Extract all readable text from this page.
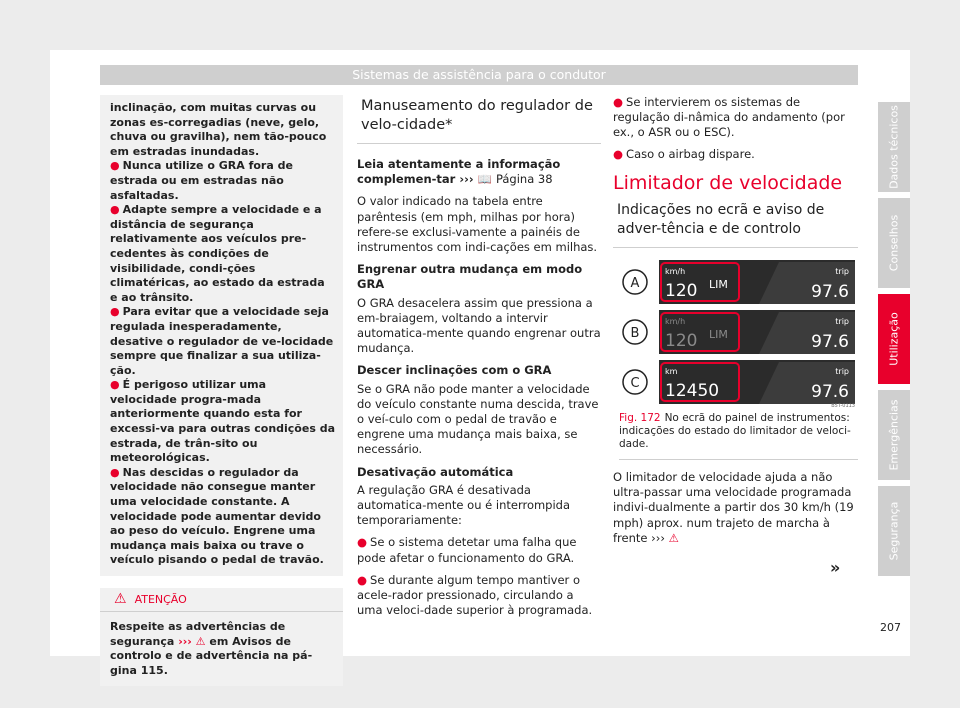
Sistemas de assistência para o condutor

inclinação, com muitas curvas ou zonas es-corregadias (neve, gelo, chuva ou gravilha), nem tão-pouco em estradas inundadas.

● Nunca utilize o GRA fora de estrada ou em estradas não asfaltadas.

● Adapte sempre a velocidade e a distância de segurança relativamente aos veículos pre-cedentes às condições de visibilidade, condi-ções climatéricas, ao estado da estrada e ao trânsito.

● Para evitar que a velocidade seja regulada inesperadamente, desative o regulador de ve-locidade sempre que finalizar a sua utiliza-ção.

● É perigoso utilizar uma velocidade progra-mada anteriormente quando esta for excessi-va para outras condições da estrada, de trân-sito ou meteorológicas.

● Nas descidas o regulador da velocidade não consegue manter uma velocidade constante. A velocidade pode aumentar devido ao peso do veículo. Engrene uma mudança mais baixa ou trave o veículo pisando o pedal de travão.

⚠ ATENÇÃO
Respeite as advertências de segurança ››› ⚠ em Avisos de controlo e de advertência na pá-gina 115.
Manuseamento do regulador de velo-cidade*

Leia atentamente a informação complemen-tar ››› 📖 Página 38

O valor indicado na tabela entre parêntesis (em mph, milhas por hora) refere-se exclusi-vamente a painéis de instrumentos com indi-cações em milhas.

Engrenar outra mudança em modo GRA

O GRA desacelera assim que pressiona a em-braiagem, voltando a intervir automatica-mente quando engrenar outra mudança.

Descer inclinações com o GRA

Se o GRA não pode manter a velocidade do veículo constante numa descida, trave o veí-culo com o pedal de travão e engrene uma mudança mais baixa, se necessário.

Desativação automática

A regulação GRA é desativada automatica-mente ou é interrompida temporariamente:

● Se o sistema detetar uma falha que pode afetar o funcionamento do GRA.

● Se durante algum tempo mantiver o acele-rador pressionado, circulando a uma veloci-dade superior à programada.

● Se intervierem os sistemas de regulação di-nâmica do andamento (por ex., o ASR ou o ESC).

● Caso o airbag dispare.

Limitador de velocidade
Indicações no ecrã e aviso de adver-tência e de controlo
A
km/h
120 LIM
trip
97.6
B
km/h
120 LIM
trip
97.6
C
km
12450
trip
97.6
B5T-0113

Fig. 172 No ecrã do painel de instrumentos: indicações do estado do limitador de veloci-dade.

O limitador de velocidade ajuda a não ultra-passar uma velocidade programada indivi-dualmente a partir dos 30 km/h (19 mph) aprox. num trajeto de marcha à frente ››› ⚠

»
Dados técnicos
Conselhos
Utilização
Emergências
Segurança
207
